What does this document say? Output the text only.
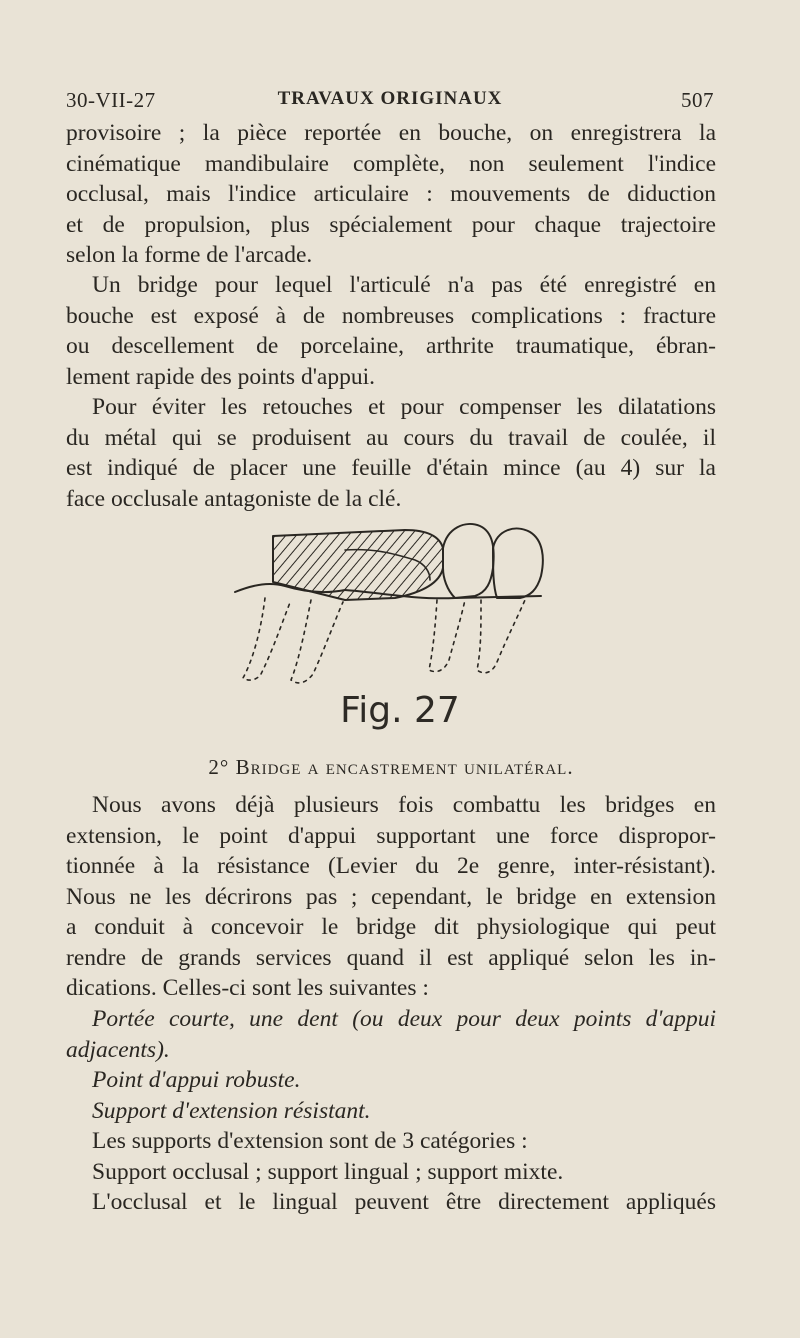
30-VII-27	TRAVAUX ORIGINAUX	507
provisoire ; la pièce reportée en bouche, on enregistrera la
cinématique mandibulaire complète, non seulement l'indice
occlusal, mais l'indice articulaire : mouvements de diduction
et de propulsion, plus spécialement pour chaque trajectoire
selon la forme de l'arcade.
Un bridge pour lequel l'articulé n'a pas été enregistré en
bouche est exposé à de nombreuses complications : fracture
ou descellement de porcelaine, arthrite traumatique, ébran-
lement rapide des points d'appui.
Pour éviter les retouches et pour compenser les dilatations
du métal qui se produisent au cours du travail de coulée, il
est indiqué de placer une feuille d'étain mince (au 4) sur la
face occlusale antagoniste de la clé.
Fig. 27
2° Bridge a encastrement unilatéral.
Nous avons déjà plusieurs fois combattu les bridges en
extension, le point d'appui supportant une force dispropor-
tionnée à la résistance (Levier du 2e genre, inter-résistant).
Nous ne les décrirons pas ; cependant, le bridge en extension
a conduit à concevoir le bridge dit physiologique qui peut
rendre de grands services quand il est appliqué selon les in-
dications. Celles-ci sont les suivantes :
Portée courte, une dent (ou deux pour deux points d'appui
adjacents).
Point d'appui robuste.
Support d'extension résistant.
Les supports d'extension sont de 3 catégories :
Support occlusal ; support lingual ; support mixte.
L'occlusal et le lingual peuvent être directement appliqués
